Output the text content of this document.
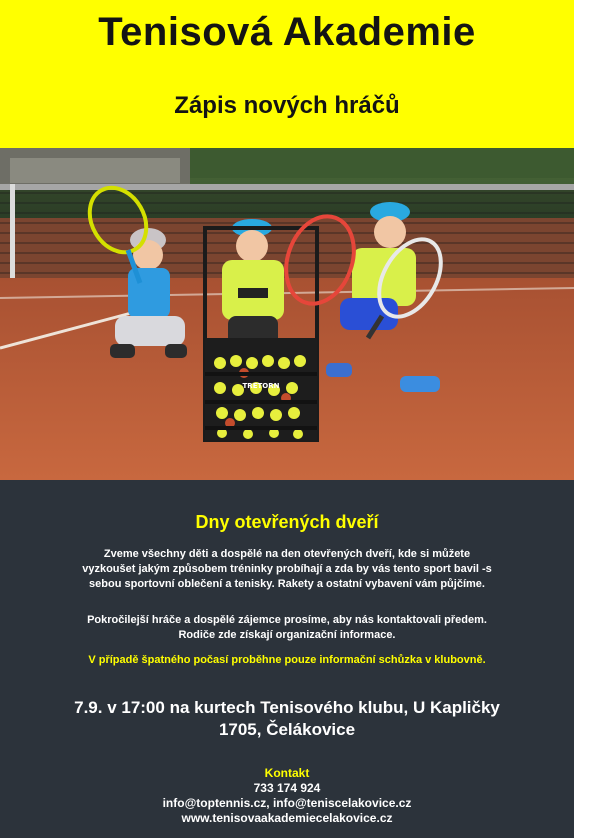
Tenisová Akademie
Zápis nových hráčů
TRETORN
Dny otevřených dveří
Zveme všechny děti a dospělé na den otevřených dveří, kde si můžete
vyzkoušet jakým způsobem tréninky probíhají a zda by vás tento sport bavil -s
sebou sportovní oblečení a tenisky. Rakety a ostatní vybavení vám půjčíme.
Pokročilejší hráče a dospělé zájemce prosíme, aby nás kontaktovali předem.
Rodiče zde získají organizační informace.
V případě špatného počasí proběhne pouze informační schůzka v klubovně.
7.9. v 17:00 na kurtech Tenisového klubu, U Kapličky
1705, Čelákovice
Kontakt
733 174 924
info@toptennis.cz, info@teniscelakovice.cz
www.tenisovaakademiecelakovice.cz
